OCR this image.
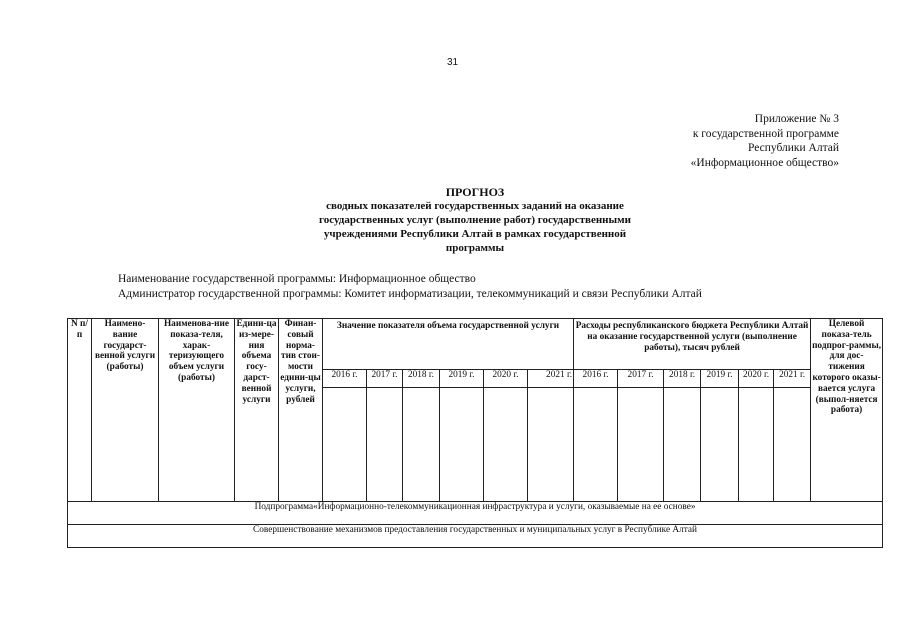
31
Приложение № 3
к государственной программе
Республики Алтай
«Информационное общество»
ПРОГНОЗ
сводных показателей государственных заданий на оказание
государственных услуг (выполнение работ) государственными
учреждениями Республики Алтай в рамках государственной
программы
Наименование государственной программы: Информационное общество
Администратор государственной программы: Комитет информатизации, телекоммуникаций и связи Республики Алтай
N п/п	Наимено-вание государст-венной услуги (работы)	Наименова-ние показа-теля, харак-теризующего объем услуги (работы)	Едини-ца из-мере-ния объема госу-дарст-венной услуги	Финан-совый норма-тив стои-мости едини-цы услуги, рублей	Значение показателя объема государственной услуги						Расходы республиканского бюджета Республики Алтай на оказание государственной услуги (выполнение работы), тысяч рублей						Целевой показа-тель подпрог-раммы, для дос-тижения которого оказы-вается услуга (выпол-няется работа)
					2016 г.	2017 г.	2018 г.	2019 г.	2020 г.	2021 г.	2016 г.	2017 г.	2018 г.	2019 г.	2020 г.	2021 г.	

Подпрограмма«Информационно-телекоммуникационная инфраструктура и услуги, оказываемые на ее основе»																	
Совершенствование механизмов предоставления государственных и муниципальных услуг в Республике Алтай																	
